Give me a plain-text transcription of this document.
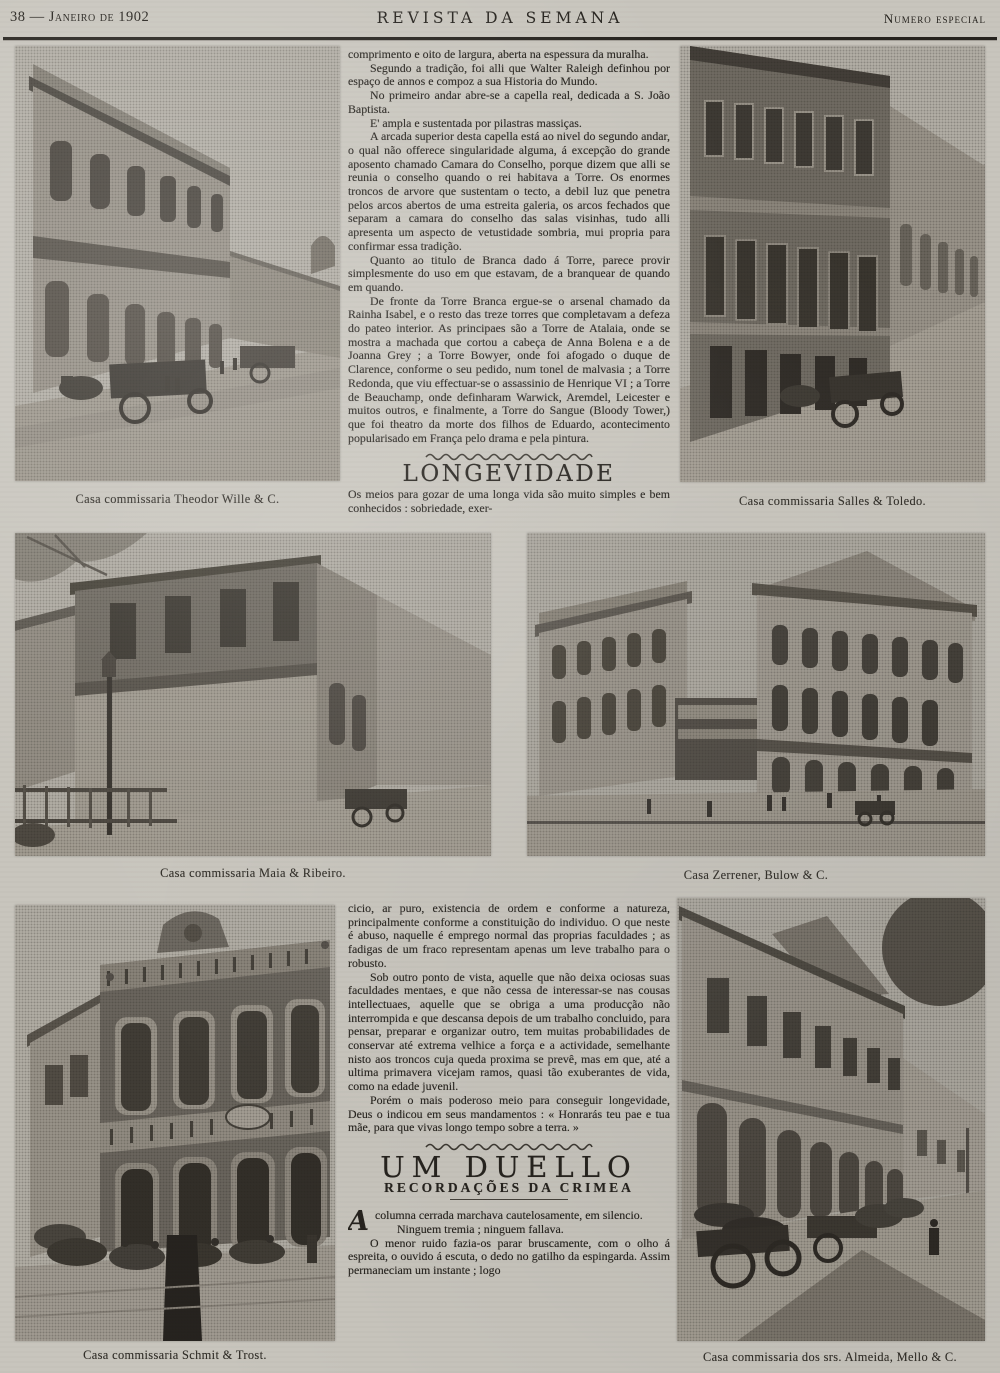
38 — Janeiro de 1902	REVISTA DA SEMANA	Numero especial
Casa commissaria Theodor Wille & C.

comprimento e oito de largura, aberta na espessura da muralha.

Segundo a tradição, foi alli que Walter Raleigh definhou por espaço de annos e compoz a sua Historia do Mundo.

No primeiro andar abre-se a capella real, dedicada a S. João Baptista.

E' ampla e sustentada por pilastras massiças.

A arcada superior desta capella está ao nivel do segundo andar, o qual não offerece singularidade alguma, á excepção do grande aposento chamado Camara do Conselho, porque dizem que alli se reunia o conselho quando o rei habitava a Torre. Os enormes troncos de arvore que sustentam o tecto, a debil luz que penetra pelos arcos abertos de uma estreita galeria, os arcos fechados que separam a camara do conselho das salas visinhas, tudo alli apresenta um aspecto de vetustidade sombria, mui propria para confirmar essa tradição.

Quanto ao titulo de Branca dado á Torre, parece provir simplesmente do uso em que estavam, de a branquear de quando em quando.

De fronte da Torre Branca ergue-se o arsenal chamado da Rainha Isabel, e o resto das treze torres que completavam a defeza do pateo interior. As principaes são a Torre de Atalaia, onde se mostra a machada que cortou a cabeça de Anna Bolena e a de Joanna Grey ; a Torre Bowyer, onde foi afogado o duque de Clarence, conforme o seu pedido, num tonel de malvasia ; a Torre Redonda, que viu effectuar-se o assassinio de Henrique VI ; a Torre de Beauchamp, onde definharam Warwick, Aremdel, Leicester e muitos outros, e finalmente, a Torre do Sangue (Bloody Tower,) que foi theatro da morte dos filhos de Eduardo, acontecimento popularisado em França pelo drama e pela pintura.

LONGEVIDADE

Os meios para gozar de uma longa vida são muito simples e bem conhecidos : sobriedade, exer-	Casa commissaria Salles & Toledo.
Casa commissaria Maia & Ribeiro.	Casa Zerrener, Bulow & C.
Casa commissaria Schmit & Trost.

cicio, ar puro, existencia de ordem e conforme a natureza, principalmente conforme a constituição do individuo. O que neste é abuso, naquelle é emprego normal das proprias faculdades ; as fadigas de um fraco representam apenas um leve trabalho para o robusto.

Sob outro ponto de vista, aquelle que não deixa ociosas suas faculdades mentaes, e que não cessa de interessar-se nas cousas intellectuaes, aquelle que se obriga a uma producção não interrompida e que descansa depois de um trabalho concluido, para pensar, preparar e organizar outro, tem muitas probabilidades de conservar até extrema velhice a força e a actividade, semelhante nisto aos troncos cuja queda proxima se prevê, mas em que, até a ultima primavera vicejam ramos, quasi tão exuberantes de vida, como na edade juvenil.

Porém o mais poderoso meio para conseguir longevidade, Deus o indicou em seus mandamentos : « Honrarás teu pae e tua mãe, para que vivas longo tempo sobre a terra. »

UM DUELLO
RECORDAÇÕES DA CRIMEA

Acolumna cerrada marchava cautelosamente, em silencio.

Ninguem tremia ; ninguem fallava.

O menor ruido fazia-os parar bruscamente, com o olho á espreita, o ouvido á escuta, o dedo no gatilho da espingarda. Assim permaneciam um instante ; logo

Casa commissaria dos srs. Almeida, Mello & C.
